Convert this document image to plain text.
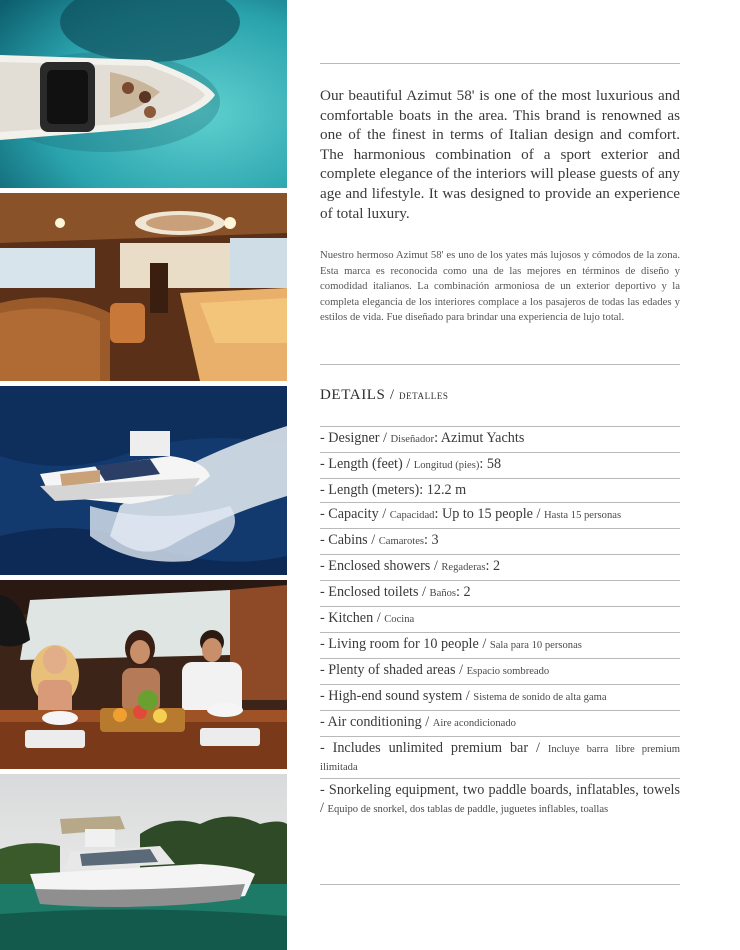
Our beautiful Azimut 58' is one of the most luxurious and comfortable boats in the area. This brand is renowned as one of the finest in terms of Italian design and comfort. The harmonious combination of a sport exterior and complete elegance of the interiors will please guests of any age and lifestyle. It was designed to provide an experience of total luxury.

Nuestro hermoso Azimut 58' es uno de los yates más lujosos y cómodos de la zona. Esta marca es reconocida como una de las mejores en términos de diseño y comodidad italianos. La combinación armoniosa de un exterior deportivo y la completa elegancia de los interiores complace a los pasajeros de todas las edades y estilos de vida. Fue diseñado para brindar una experiencia de lujo total.

DETAILS / detalles
- Designer / Diseñador: Azimut Yachts
- Length (feet) / Longitud (pies): 58
- Length (meters): 12.2 m
- Capacity / Capacidad: Up to 15 people / Hasta 15 personas
- Cabins / Camarotes: 3
- Enclosed showers / Regaderas: 2
- Enclosed toilets / Baños: 2
- Kitchen / Cocina
- Living room for 10 people / Sala para 10 personas
- Plenty of shaded areas / Espacio sombreado
- High-end sound system / Sistema de sonido de alta gama
- Air conditioning / Aire acondicionado
- Includes unlimited premium bar / Incluye barra libre premium ilimitada
- Snorkeling equipment, two paddle boards, inflatables, towels / Equipo de snorkel, dos tablas de paddle, juguetes inflables, toallas
